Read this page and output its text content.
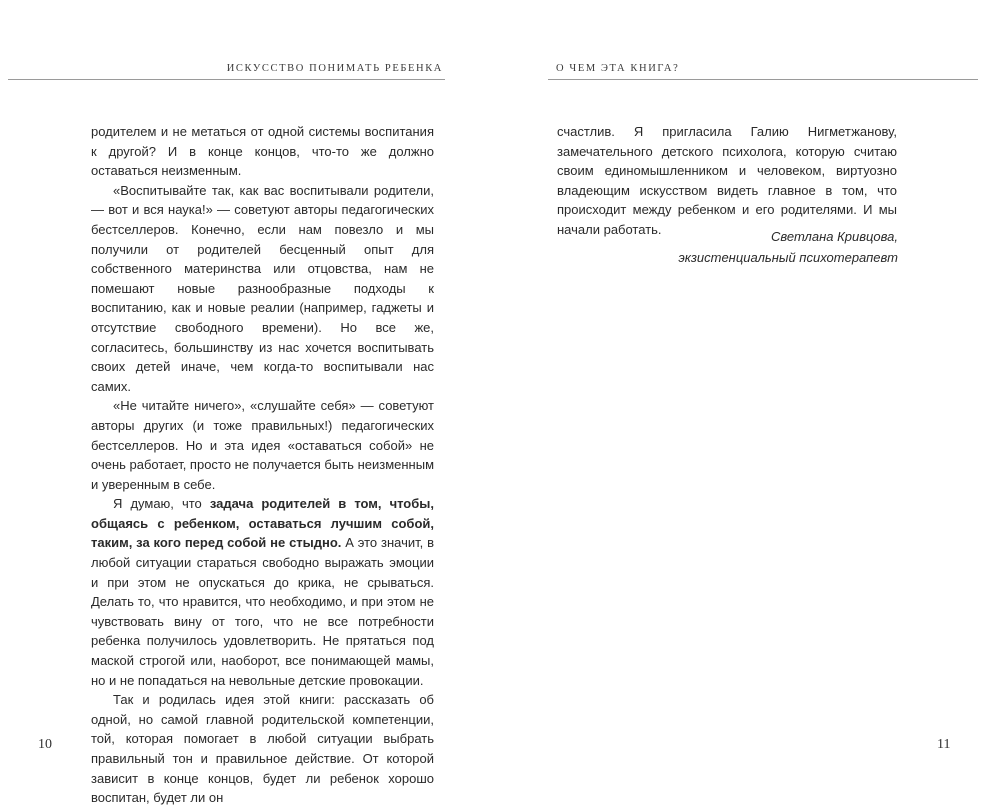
ИСКУССТВО ПОНИМАТЬ РЕБЕНКА	О ЧЕМ ЭТА КНИГА?

родителем и не метаться от одной системы воспитания к другой? И в конце концов, что-то же должно оставаться неизменным.

«Воспитывайте так, как вас воспитывали родители, — вот и вся наука!» — советуют авторы педагогических бестселлеров. Конечно, если нам повезло и мы получили от родителей бесценный опыт для собственного материнства или отцовства, нам не помешают новые разнообразные подходы к воспитанию, как и новые реалии (например, гаджеты и отсутствие свободного времени). Но все же, согласитесь, большинству из нас хочется воспитывать своих детей иначе, чем когда-то воспитывали нас самих.

«Не читайте ничего», «слушайте себя» — советуют авторы других (и тоже правильных!) педагогических бестселлеров. Но и эта идея «оставаться собой» не очень работает, просто не получается быть неизменным и уверенным в себе.

Я думаю, что задача родителей в том, чтобы, общаясь с ребенком, оставаться лучшим собой, таким, за кого перед собой не стыдно. А это значит, в любой ситуации стараться свободно выражать эмоции и при этом не опускаться до крика, не срываться. Делать то, что нравится, что необходимо, и при этом не чувствовать вину от того, что не все потребности ребенка получилось удовлетворить. Не прятаться под маской строгой или, наоборот, все понимающей мамы, но и не попадаться на невольные детские провокации.

Так и родилась идея этой книги: рассказать об одной, но самой главной родительской компетенции, той, которая помогает в любой ситуации выбрать правильный тон и правильное действие. От которой зависит в конце концов, будет ли ребенок хорошо воспитан, будет ли он

счастлив. Я пригласила Галию Нигметжанову, замечательного детского психолога, которую считаю своим единомышленником и человеком, виртуозно владеющим искусством видеть главное в том, что происходит между ребенком и его родителями. И мы начали работать.	Светлана Кривцова,
экзистенциальный психотерапевт
10	11
